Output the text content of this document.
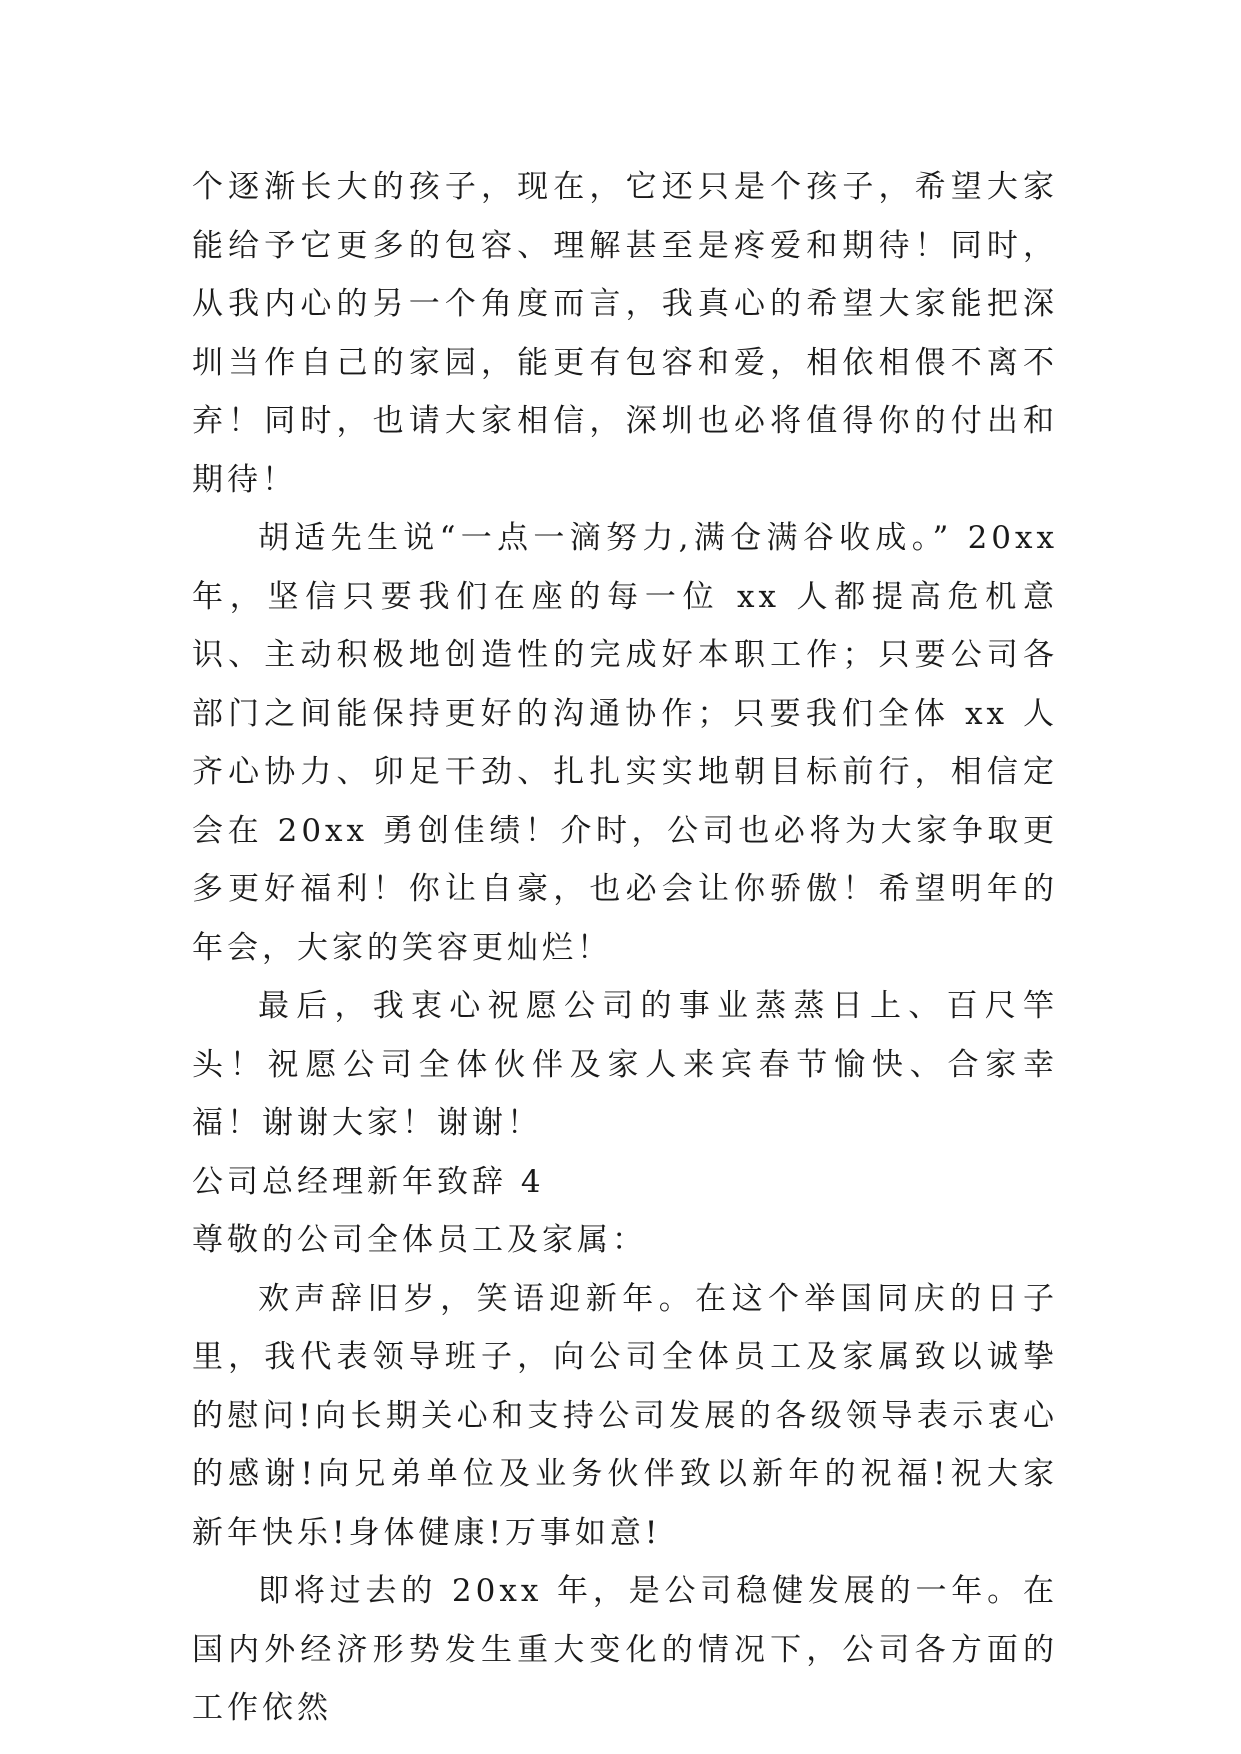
个逐渐长大的孩子，现在，它还只是个孩子，希望大家能给予它更多的包容、理解甚至是疼爱和期待！同时，从我内心的另一个角度而言，我真心的希望大家能把深圳当作自己的家园，能更有包容和爱，相依相偎不离不弃！同时，也请大家相信，深圳也必将值得你的付出和期待！

胡适先生说“一点一滴努力,满仓满谷收成。” 20xx 年，坚信只要我们在座的每一位 xx 人都提高危机意识、主动积极地创造性的完成好本职工作；只要公司各部门之间能保持更好的沟通协作；只要我们全体 xx 人齐心协力、卯足干劲、扎扎实实地朝目标前行，相信定会在 20xx 勇创佳绩！介时，公司也必将为大家争取更多更好福利！你让自豪，也必会让你骄傲！希望明年的年会，大家的笑容更灿烂！

最后，我衷心祝愿公司的事业蒸蒸日上、百尺竿头！祝愿公司全体伙伴及家人来宾春节愉快、合家幸福！谢谢大家！谢谢！

公司总经理新年致辞 4

尊敬的公司全体员工及家属：

欢声辞旧岁，笑语迎新年。在这个举国同庆的日子里，我代表领导班子，向公司全体员工及家属致以诚挚的慰问!向长期关心和支持公司发展的各级领导表示衷心的感谢!向兄弟单位及业务伙伴致以新年的祝福!祝大家新年快乐!身体健康!万事如意!

即将过去的 20xx 年，是公司稳健发展的一年。在国内外经济形势发生重大变化的情况下，公司各方面的工作依然
